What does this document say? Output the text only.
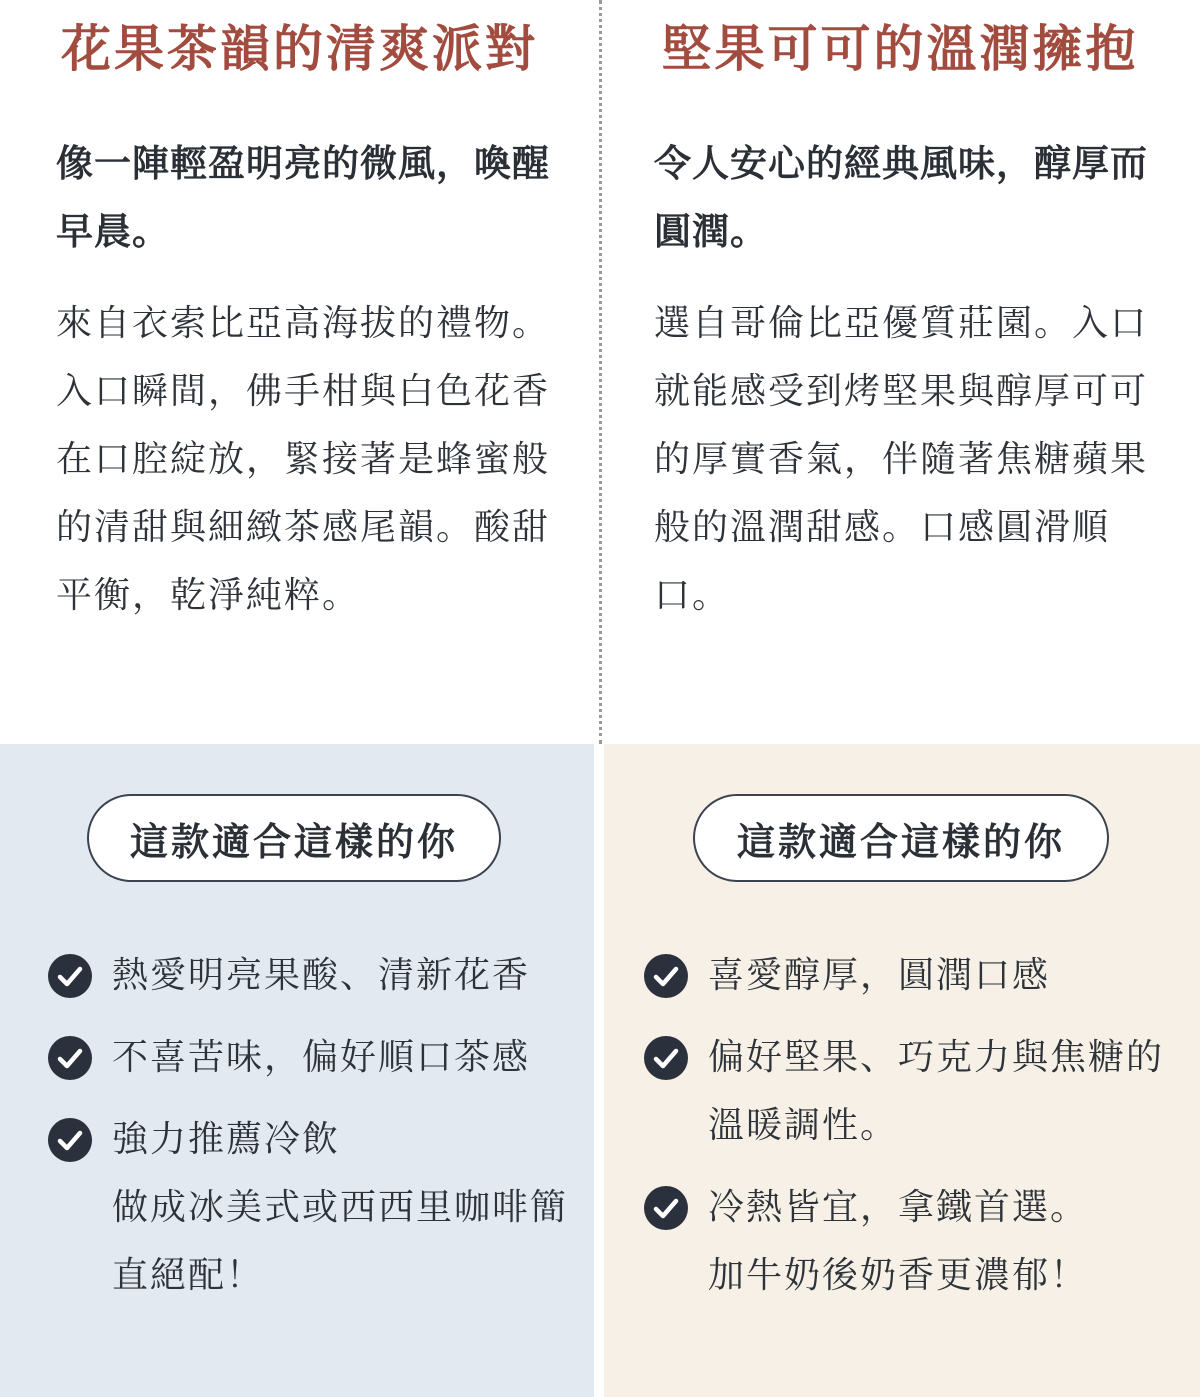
花果茶韻的清爽派對

像一陣輕盈明亮的微風，喚醒早晨。

來自衣索比亞高海拔的禮物。入口瞬間，佛手柑與白色花香在口腔綻放，緊接著是蜂蜜般的清甜與細緻茶感尾韻。酸甜平衡，乾淨純粹。

堅果可可的溫潤擁抱

令人安心的經典風味，醇厚而圓潤。

選自哥倫比亞優質莊園。入口就能感受到烤堅果與醇厚可可的厚實香氣，伴隨著焦糖蘋果般的溫潤甜感。口感圓滑順口。

這款適合這樣的你
熱愛明亮果酸、清新花香
不喜苦味，偏好順口茶感
強力推薦冷飲
做成冰美式或西西里咖啡簡直絕配！
這款適合這樣的你
喜愛醇厚，圓潤口感
偏好堅果、巧克力與焦糖的溫暖調性。
冷熱皆宜，拿鐵首選。
加牛奶後奶香更濃郁！
